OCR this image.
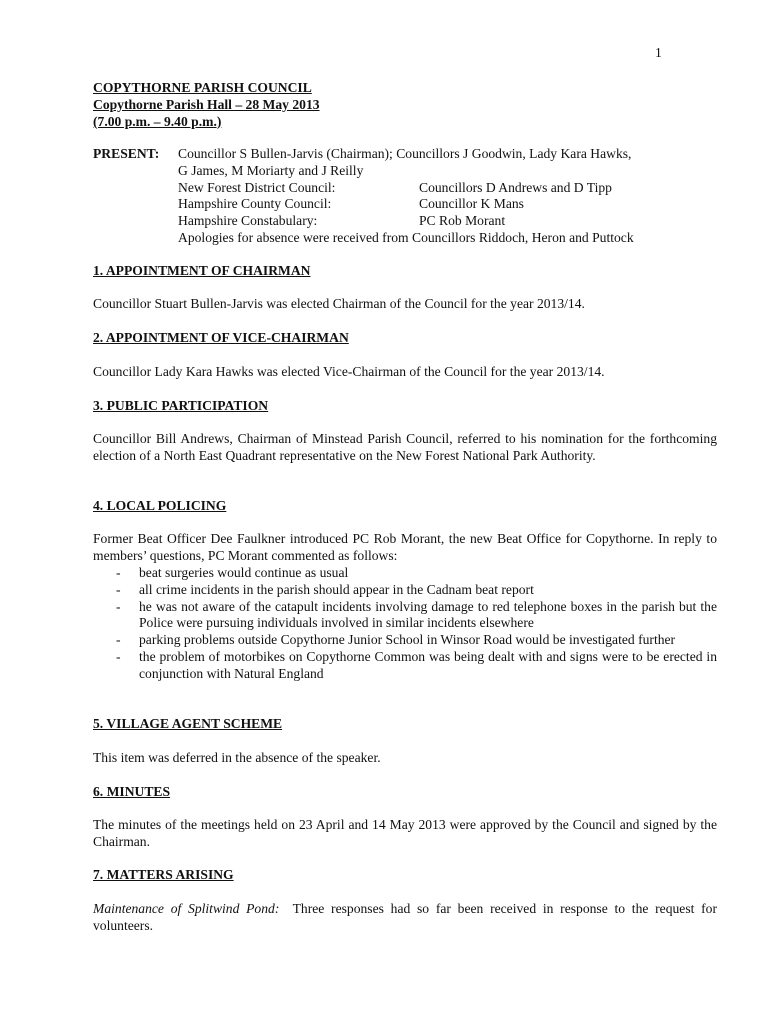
1
COPYTHORNE PARISH COUNCIL
Copythorne Parish Hall – 28 May 2013
(7.00 p.m. – 9.40 p.m.)
PRESENT: Councillor S Bullen-Jarvis (Chairman); Councillors J Goodwin, Lady Kara Hawks,
G James, M Moriarty and J Reilly
New Forest District Council:	Councillors D Andrews and D Tipp
Hampshire County Council:	Councillor K Mans
Hampshire Constabulary:	PC Rob Morant
Apologies for absence were received from Councillors Riddoch, Heron and Puttock
1. APPOINTMENT OF CHAIRMAN
Councillor Stuart Bullen-Jarvis was elected Chairman of the Council for the year 2013/14.
2. APPOINTMENT OF VICE-CHAIRMAN
Councillor Lady Kara Hawks was elected Vice-Chairman of the Council for the year 2013/14.
3. PUBLIC PARTICIPATION
Councillor Bill Andrews, Chairman of Minstead Parish Council, referred to his nomination for the forthcoming election of a North East Quadrant representative on the New Forest National Park Authority.
4. LOCAL POLICING
Former Beat Officer Dee Faulkner introduced PC Rob Morant, the new Beat Office for Copythorne. In reply to members’ questions, PC Morant commented as follows:
- beat surgeries would continue as usual
- all crime incidents in the parish should appear in the Cadnam beat report
- he was not aware of the catapult incidents involving damage to red telephone boxes in the parish but the Police were pursuing individuals involved in similar incidents elsewhere
- parking problems outside Copythorne Junior School in Winsor Road would be investigated further
- the problem of motorbikes on Copythorne Common was being dealt with and signs were to be erected in conjunction with Natural England
5. VILLAGE AGENT SCHEME
This item was deferred in the absence of the speaker.
6. MINUTES
The minutes of the meetings held on 23 April and 14 May 2013 were approved by the Council and signed by the Chairman.
7. MATTERS ARISING
Maintenance of Splitwind Pond: Three responses had so far been received in response to the request for volunteers.
